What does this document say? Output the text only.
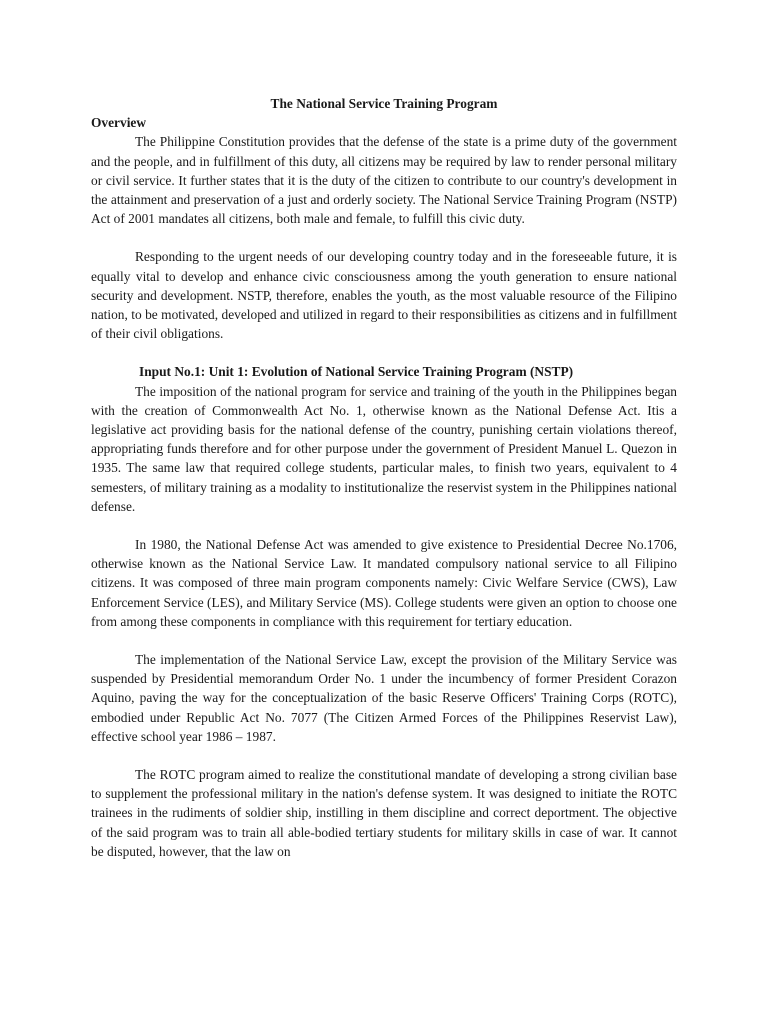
The National Service Training Program

Overview

The Philippine Constitution provides that the defense of the state is a prime duty of the government and the people, and in fulfillment of this duty, all citizens may be required by law to render personal military or civil service. It further states that it is the duty of the citizen to contribute to our country's development in the attainment and preservation of a just and orderly society. The National Service Training Program (NSTP) Act of 2001 mandates all citizens, both male and female, to fulfill this civic duty.

Responding to the urgent needs of our developing country today and in the foreseeable future, it is equally vital to develop and enhance civic consciousness among the youth generation to ensure national security and development. NSTP, therefore, enables the youth, as the most valuable resource of the Filipino nation, to be motivated, developed and utilized in regard to their responsibilities as citizens and in fulfillment of their civil obligations.

Input No.1: Unit 1: Evolution of National Service Training Program (NSTP)

The imposition of the national program for service and training of the youth in the Philippines began with the creation of Commonwealth Act No. 1, otherwise known as the National Defense Act. Itis a legislative act providing basis for the national defense of the country, punishing certain violations thereof, appropriating funds therefore and for other purpose under the government of President Manuel L. Quezon in 1935. The same law that required college students, particular males, to finish two years, equivalent to 4 semesters, of military training as a modality to institutionalize the reservist system in the Philippines national defense.

In 1980, the National Defense Act was amended to give existence to Presidential Decree No.1706, otherwise known as the National Service Law. It mandated compulsory national service to all Filipino citizens. It was composed of three main program components namely: Civic Welfare Service (CWS), Law Enforcement Service (LES), and Military Service (MS). College students were given an option to choose one from among these components in compliance with this requirement for tertiary education.

The implementation of the National Service Law, except the provision of the Military Service was suspended by Presidential memorandum Order No. 1 under the incumbency of former President Corazon Aquino, paving the way for the conceptualization of the basic Reserve Officers' Training Corps (ROTC), embodied under Republic Act No. 7077 (The Citizen Armed Forces of the Philippines Reservist Law), effective school year 1986 – 1987.

The ROTC program aimed to realize the constitutional mandate of developing a strong civilian base to supplement the professional military in the nation's defense system. It was designed to initiate the ROTC trainees in the rudiments of soldier ship, instilling in them discipline and correct deportment. The objective of the said program was to train all able-bodied tertiary students for military skills in case of war. It cannot be disputed, however, that the law on
